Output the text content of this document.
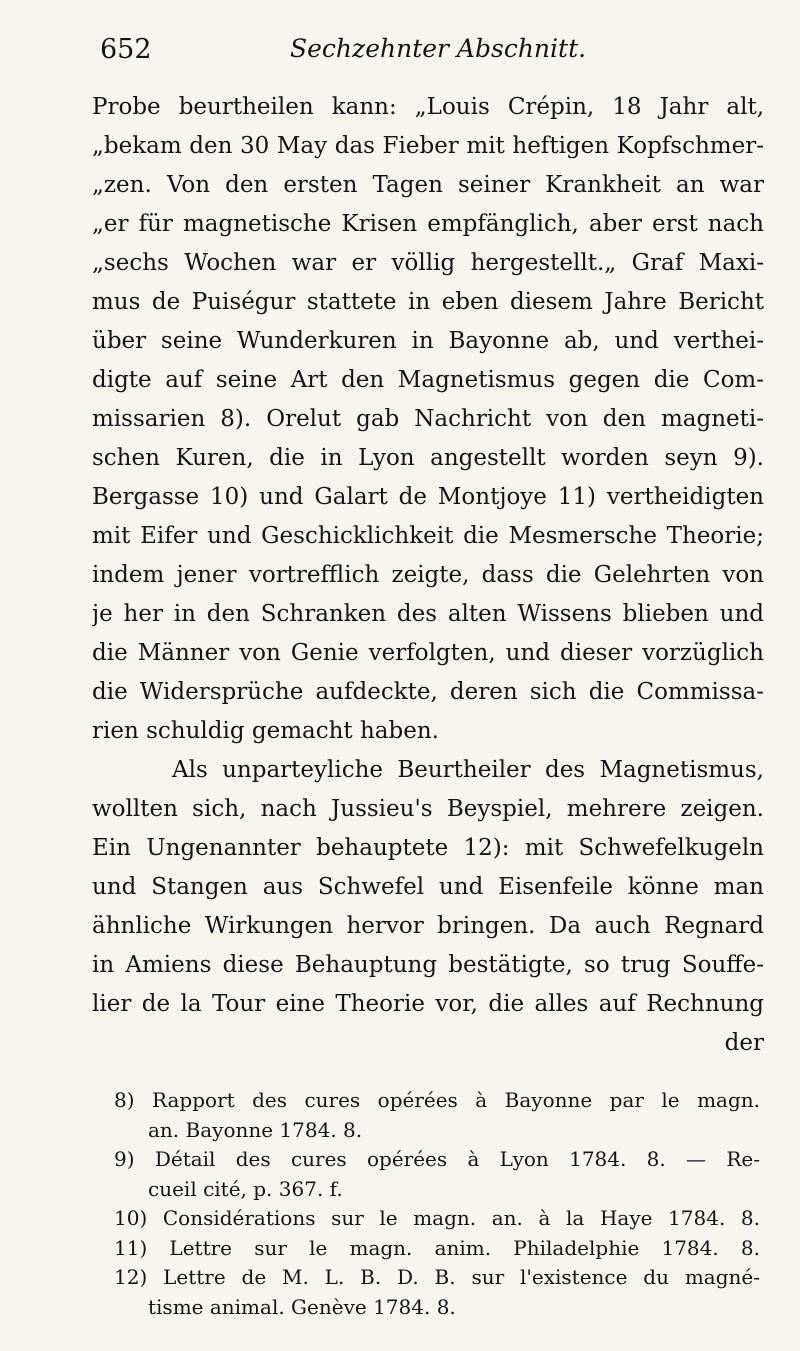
652	Sechzehnter Abschnitt.
Probe beurtheilen kann: „Louis Crépin, 18 Jahr alt,
„bekam den 30 May das Fieber mit heftigen Kopfschmer-
„zen. Von den ersten Tagen seiner Krankheit an war
„er für magnetische Krisen empfänglich, aber erst nach
„sechs Wochen war er völlig hergestellt.„ Graf Maxi-
mus de Puiségur stattete in eben diesem Jahre Bericht
über seine Wunderkuren in Bayonne ab, und verthei-
digte auf seine Art den Magnetismus gegen die Com-
missarien 8). Orelut gab Nachricht von den magneti-
schen Kuren, die in Lyon angestellt worden seyn 9).
Bergasse 10) und Galart de Montjoye 11) vertheidigten
mit Eifer und Geschicklichkeit die Mesmersche Theorie;
indem jener vortrefflich zeigte, dass die Gelehrten von
je her in den Schranken des alten Wissens blieben und
die Männer von Genie verfolgten, und dieser vorzüglich
die Widersprüche aufdeckte, deren sich die Commissa-
rien schuldig gemacht haben.
Als unparteyliche Beurtheiler des Magnetismus,
wollten sich, nach Jussieu's Beyspiel, mehrere zeigen.
Ein Ungenannter behauptete 12): mit Schwefelkugeln
und Stangen aus Schwefel und Eisenfeile könne man
ähnliche Wirkungen hervor bringen. Da auch Regnard
in Amiens diese Behauptung bestätigte, so trug Souffe-
lier de la Tour eine Theorie vor, die alles auf Rechnung
der
8) Rapport des cures opérées à Bayonne par le magn.
an. Bayonne 1784. 8.
9) Détail des cures opérées à Lyon 1784. 8. — Re-
cueil cité, p. 367. f.
10) Considérations sur le magn. an. à la Haye 1784. 8.
11) Lettre sur le magn. anim. Philadelphie 1784. 8.
12) Lettre de M. L. B. D. B. sur l'existence du magné-
tisme animal. Genève 1784. 8.
